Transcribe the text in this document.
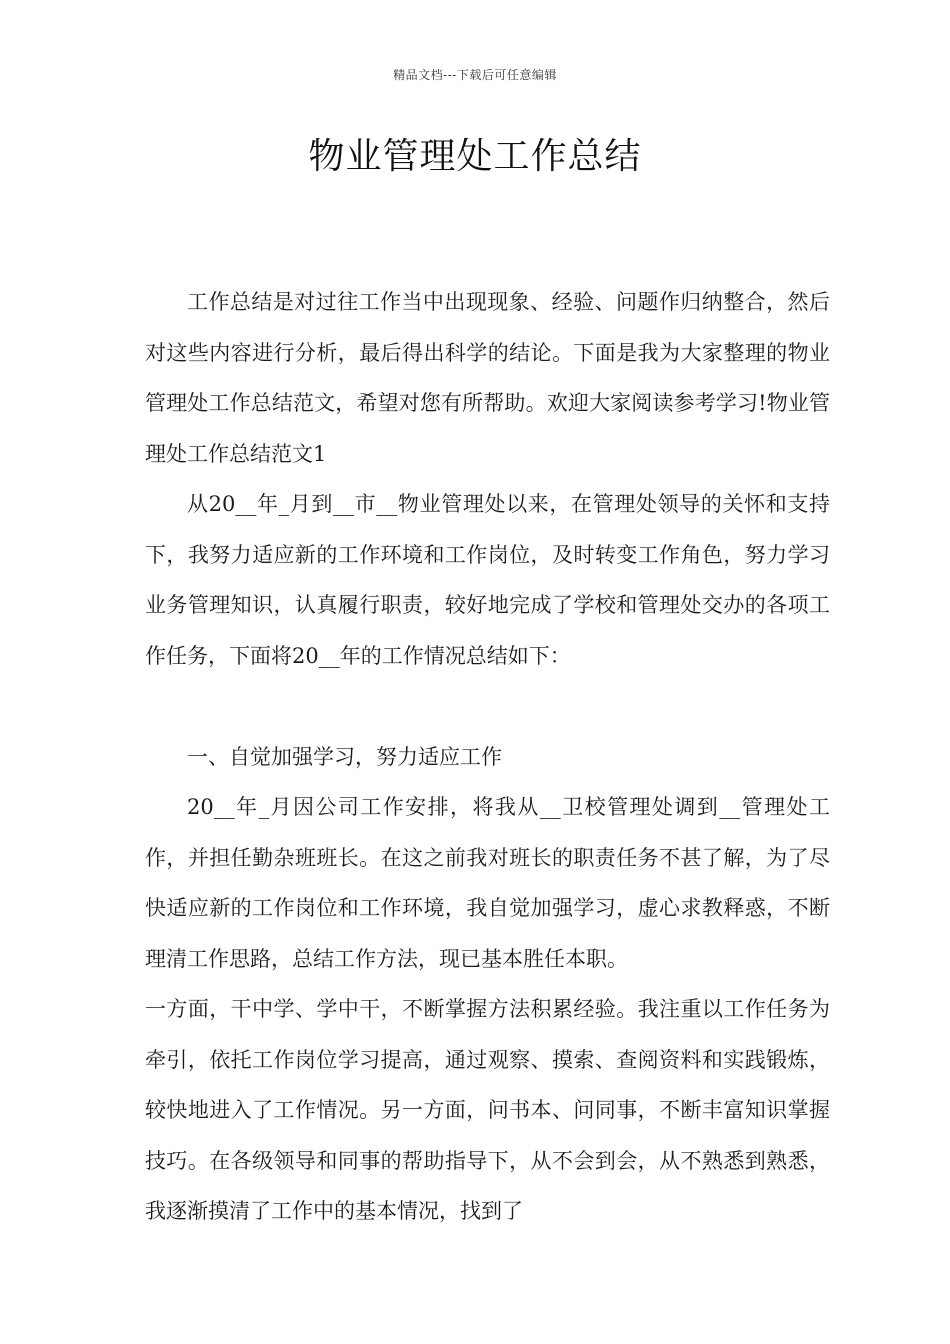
精品文档---下载后可任意编辑
物业管理处工作总结

工作总结是对过往工作当中出现现象、经验、问题作归纳整合，然后对这些内容进行分析，最后得出科学的结论。下面是我为大家整理的物业管理处工作总结范文，希望对您有所帮助。欢迎大家阅读参考学习!物业管理处工作总结范文1

从20__年_月到__市__物业管理处以来，在管理处领导的关怀和支持下，我努力适应新的工作环境和工作岗位，及时转变工作角色，努力学习业务管理知识，认真履行职责，较好地完成了学校和管理处交办的各项工作任务，下面将20__年的工作情况总结如下：

一、自觉加强学习，努力适应工作

20__年_月因公司工作安排，将我从__卫校管理处调到__管理处工作，并担任勤杂班班长。在这之前我对班长的职责任务不甚了解，为了尽快适应新的工作岗位和工作环境，我自觉加强学习，虚心求教释惑，不断理清工作思路，总结工作方法，现已基本胜任本职。

一方面，干中学、学中干，不断掌握方法积累经验。我注重以工作任务为牵引，依托工作岗位学习提高，通过观察、摸索、查阅资料和实践锻炼，较快地进入了工作情况。另一方面，问书本、问同事，不断丰富知识掌握技巧。在各级领导和同事的帮助指导下，从不会到会，从不熟悉到熟悉，我逐渐摸清了工作中的基本情况，找到了
